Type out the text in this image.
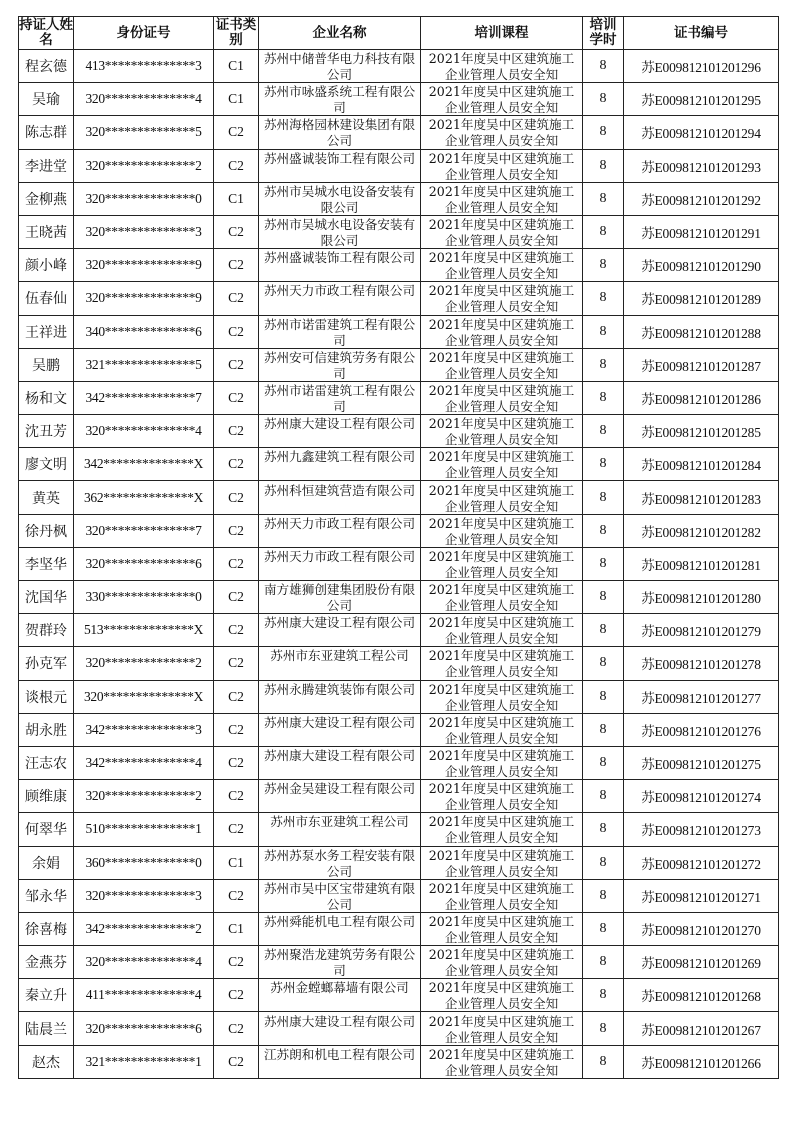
持证人姓名	身份证号	证书类别	企业名称	培训课程	培训学时	证书编号
程玄德	413**************3	C1	苏州中储普华电力科技有限公司	2021年度吴中区建筑施工企业管理人员安全知	8	苏E009812101201296
吴瑜	320**************4	C1	苏州市咏盛系统工程有限公司	2021年度吴中区建筑施工企业管理人员安全知	8	苏E009812101201295
陈志群	320**************5	C2	苏州海格园林建设集团有限公司	2021年度吴中区建筑施工企业管理人员安全知	8	苏E009812101201294
李进堂	320**************2	C2	苏州盛诚装饰工程有限公司	2021年度吴中区建筑施工企业管理人员安全知	8	苏E009812101201293
金柳燕	320**************0	C1	苏州市吴城水电设备安装有限公司	2021年度吴中区建筑施工企业管理人员安全知	8	苏E009812101201292
王晓茜	320**************3	C2	苏州市吴城水电设备安装有限公司	2021年度吴中区建筑施工企业管理人员安全知	8	苏E009812101201291
颜小峰	320**************9	C2	苏州盛诚装饰工程有限公司	2021年度吴中区建筑施工企业管理人员安全知	8	苏E009812101201290
伍春仙	320**************9	C2	苏州天力市政工程有限公司	2021年度吴中区建筑施工企业管理人员安全知	8	苏E009812101201289
王祥进	340**************6	C2	苏州市诺雷建筑工程有限公司	2021年度吴中区建筑施工企业管理人员安全知	8	苏E009812101201288
吴鹏	321**************5	C2	苏州安可信建筑劳务有限公司	2021年度吴中区建筑施工企业管理人员安全知	8	苏E009812101201287
杨和文	342**************7	C2	苏州市诺雷建筑工程有限公司	2021年度吴中区建筑施工企业管理人员安全知	8	苏E009812101201286
沈丑芳	320**************4	C2	苏州康大建设工程有限公司	2021年度吴中区建筑施工企业管理人员安全知	8	苏E009812101201285
廖文明	342**************X	C2	苏州九鑫建筑工程有限公司	2021年度吴中区建筑施工企业管理人员安全知	8	苏E009812101201284
黄英	362**************X	C2	苏州科恒建筑营造有限公司	2021年度吴中区建筑施工企业管理人员安全知	8	苏E009812101201283
徐丹枫	320**************7	C2	苏州天力市政工程有限公司	2021年度吴中区建筑施工企业管理人员安全知	8	苏E009812101201282
李坚华	320**************6	C2	苏州天力市政工程有限公司	2021年度吴中区建筑施工企业管理人员安全知	8	苏E009812101201281
沈国华	330**************0	C2	南方雄狮创建集团股份有限公司	2021年度吴中区建筑施工企业管理人员安全知	8	苏E009812101201280
贺群玲	513**************X	C2	苏州康大建设工程有限公司	2021年度吴中区建筑施工企业管理人员安全知	8	苏E009812101201279
孙克军	320**************2	C2	苏州市东亚建筑工程公司	2021年度吴中区建筑施工企业管理人员安全知	8	苏E009812101201278
谈根元	320**************X	C2	苏州永腾建筑装饰有限公司	2021年度吴中区建筑施工企业管理人员安全知	8	苏E009812101201277
胡永胜	342**************3	C2	苏州康大建设工程有限公司	2021年度吴中区建筑施工企业管理人员安全知	8	苏E009812101201276
汪志农	342**************4	C2	苏州康大建设工程有限公司	2021年度吴中区建筑施工企业管理人员安全知	8	苏E009812101201275
顾维康	320**************2	C2	苏州金吴建设工程有限公司	2021年度吴中区建筑施工企业管理人员安全知	8	苏E009812101201274
何翠华	510**************1	C2	苏州市东亚建筑工程公司	2021年度吴中区建筑施工企业管理人员安全知	8	苏E009812101201273
余娟	360**************0	C1	苏州苏泵水务工程安装有限公司	2021年度吴中区建筑施工企业管理人员安全知	8	苏E009812101201272
邹永华	320**************3	C2	苏州市吴中区宝带建筑有限公司	2021年度吴中区建筑施工企业管理人员安全知	8	苏E009812101201271
徐喜梅	342**************2	C1	苏州舜能机电工程有限公司	2021年度吴中区建筑施工企业管理人员安全知	8	苏E009812101201270
金燕芬	320**************4	C2	苏州聚浩龙建筑劳务有限公司	2021年度吴中区建筑施工企业管理人员安全知	8	苏E009812101201269
秦立升	411**************4	C2	苏州金螳螂幕墙有限公司	2021年度吴中区建筑施工企业管理人员安全知	8	苏E009812101201268
陆晨兰	320**************6	C2	苏州康大建设工程有限公司	2021年度吴中区建筑施工企业管理人员安全知	8	苏E009812101201267
赵杰	321**************1	C2	江苏朗和机电工程有限公司	2021年度吴中区建筑施工企业管理人员安全知	8	苏E009812101201266
